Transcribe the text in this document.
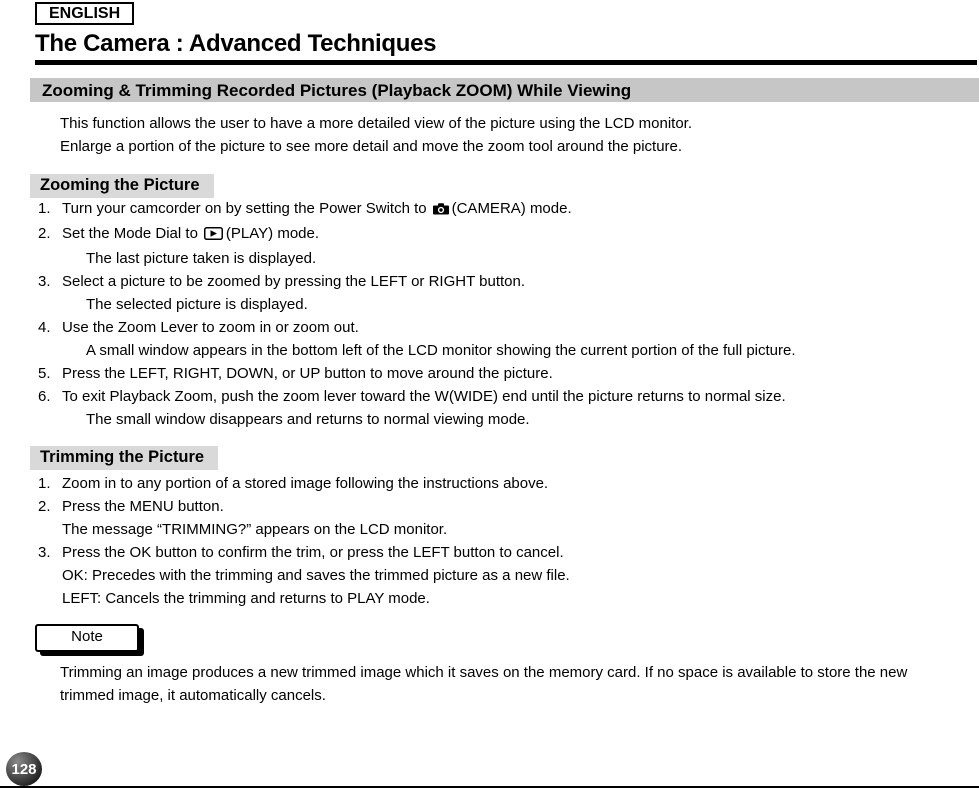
ENGLISH
The Camera : Advanced Techniques
Zooming & Trimming Recorded Pictures (Playback ZOOM) While Viewing
This function allows the user to have a more detailed view of the picture using the LCD monitor.
Enlarge a portion of the picture to see more detail and move the zoom tool around the picture.
Zooming the Picture
1. Turn your camcorder on by setting the Power Switch to (CAMERA) mode.
2. Set the Mode Dial to (PLAY) mode.
The last picture taken is displayed.
3. Select a picture to be zoomed by pressing the LEFT or RIGHT button.
The selected picture is displayed.
4. Use the Zoom Lever to zoom in or zoom out.
A small window appears in the bottom left of the LCD monitor showing the current portion of the full picture.
5. Press the LEFT, RIGHT, DOWN, or UP button to move around the picture.
6. To exit Playback Zoom, push the zoom lever toward the W(WIDE) end until the picture returns to normal size.
The small window disappears and returns to normal viewing mode.
Trimming the Picture
1. Zoom in to any portion of a stored image following the instructions above.
2. Press the MENU button.
The message “TRIMMING?” appears on the LCD monitor.
3. Press the OK button to confirm the trim, or press the LEFT button to cancel.
OK: Precedes with the trimming and saves the trimmed picture as a new file.
LEFT: Cancels the trimming and returns to PLAY mode.
Note
Trimming an image produces a new trimmed image which it saves on the memory card. If no space is available to store the new trimmed image, it automatically cancels.
128
